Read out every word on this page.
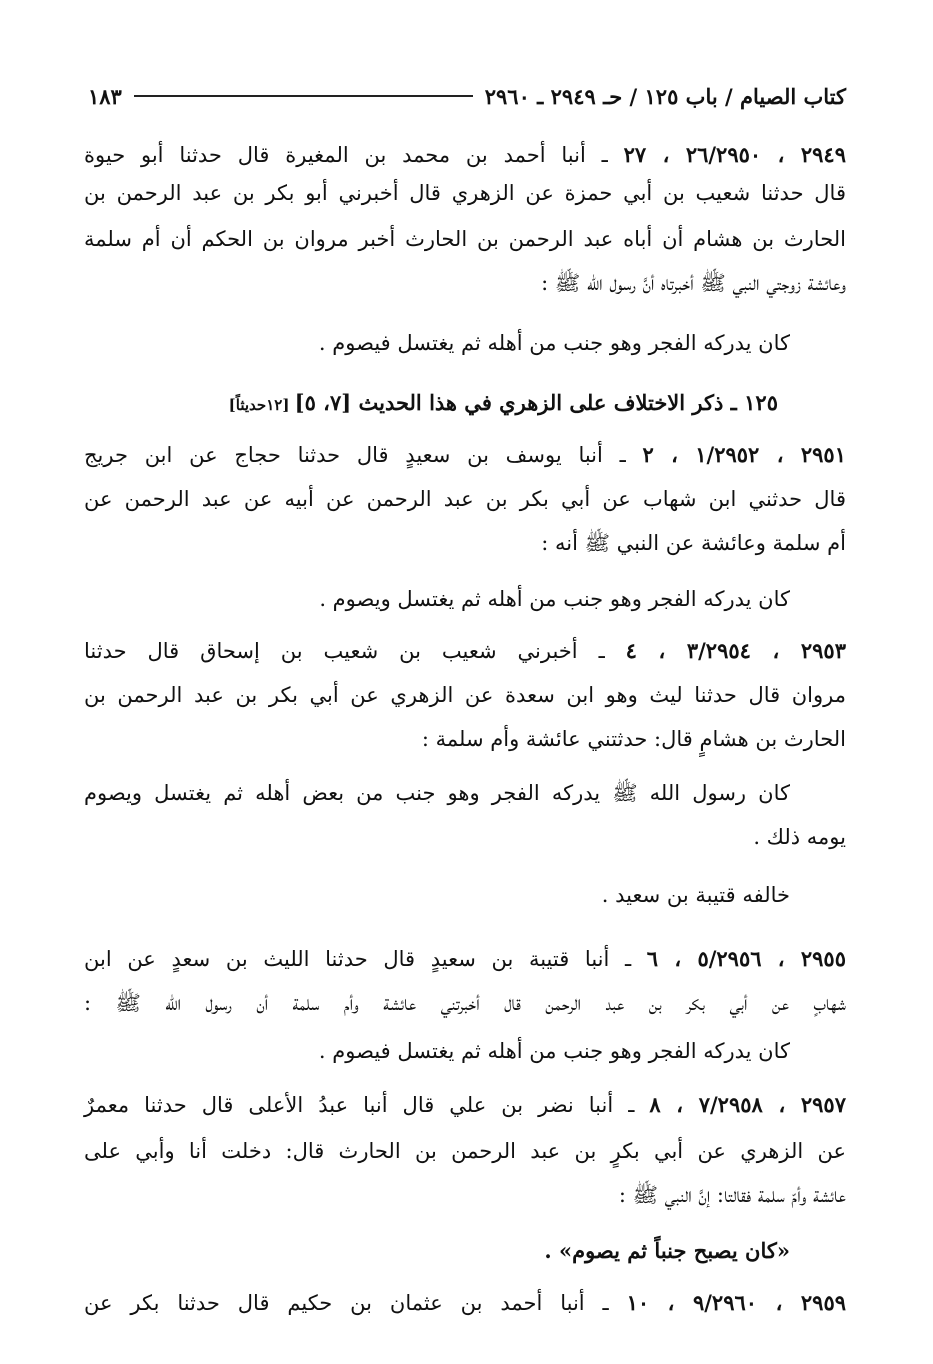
كتاب الصيام / باب ١٢٥ / حـ ٢٩٤٩ ـ ٢٩٦٠
١٨٣
٢٩٤٩ ، ٢٦/٢٩٥٠ ، ٢٧ ـ أنبا أحمد بن محمد بن المغيرة قال حدثنا أبو حيوة
قال حدثنا شعيب بن أبي حمزة عن الزهري قال أخبرني أبو بكر بن عبد الرحمن بن
الحارث بن هشام أن أباه عبد الرحمن بن الحارث أخبر مروان بن الحكم أن أم سلمة
وعائشة زوجتي النبي ﷺ أخبرتاه أنَّ رسول الله ﷺ :
كان يدركه الفجر وهو جنب من أهله ثم يغتسل فيصوم .
١٢٥ ـ ذكر الاختلاف على الزهري في هذا الحديث [٧، ٥] [١٢حديثاً]
٢٩٥١ ، ١/٢٩٥٢ ، ٢ ـ أنبا يوسف بن سعيدٍ قال حدثنا حجاج عن ابن جريج
قال حدثني ابن شهاب عن أبي بكر بن عبد الرحمن عن أبيه عن عبد الرحمن عن
أم سلمة وعائشة عن النبي ﷺ أنه :
كان يدركه الفجر وهو جنب من أهله ثم يغتسل ويصوم .
٢٩٥٣ ، ٣/٢٩٥٤ ، ٤ ـ أخبرني شعيب بن شعيب بن إسحاق قال حدثنا
مروان قال حدثنا ليث وهو ابن سعدة عن الزهري عن أبي بكر بن عبد الرحمن بن
الحارث بن هشامٍ قال: حدثتني عائشة وأم سلمة :
كان رسول الله ﷺ يدركه الفجر وهو جنب من بعض أهله ثم يغتسل ويصوم
يومه ذلك .
خالفه قتيبة بن سعيد .
٢٩٥٥ ، ٥/٢٩٥٦ ، ٦ ـ أنبا قتيبة بن سعيدٍ قال حدثنا الليث بن سعدٍ عن ابن
شهابٍ عن أبي بكر بن عبد الرحمن قال أخبرتني عائشة وأم سلمة أن رسول الله ﷺ :
كان يدركه الفجر وهو جنب من أهله ثم يغتسل فيصوم .
٢٩٥٧ ، ٧/٢٩٥٨ ، ٨ ـ أنبا نضر بن علي قال أنبا عبدُ الأعلى قال حدثنا معمرٌ
عن الزهري عن أبي بكرٍ بن عبد الرحمن بن الحارث قال: دخلت أنا وأبي على
عائشة وأمّ سلمة فقالتا: إنَّ النبي ﷺ :
«كان يصبح جنباً ثم يصوم» .
٢٩٥٩ ، ٩/٢٩٦٠ ، ١٠ ـ أنبا أحمد بن عثمان بن حكيم قال حدثنا بكر عن
